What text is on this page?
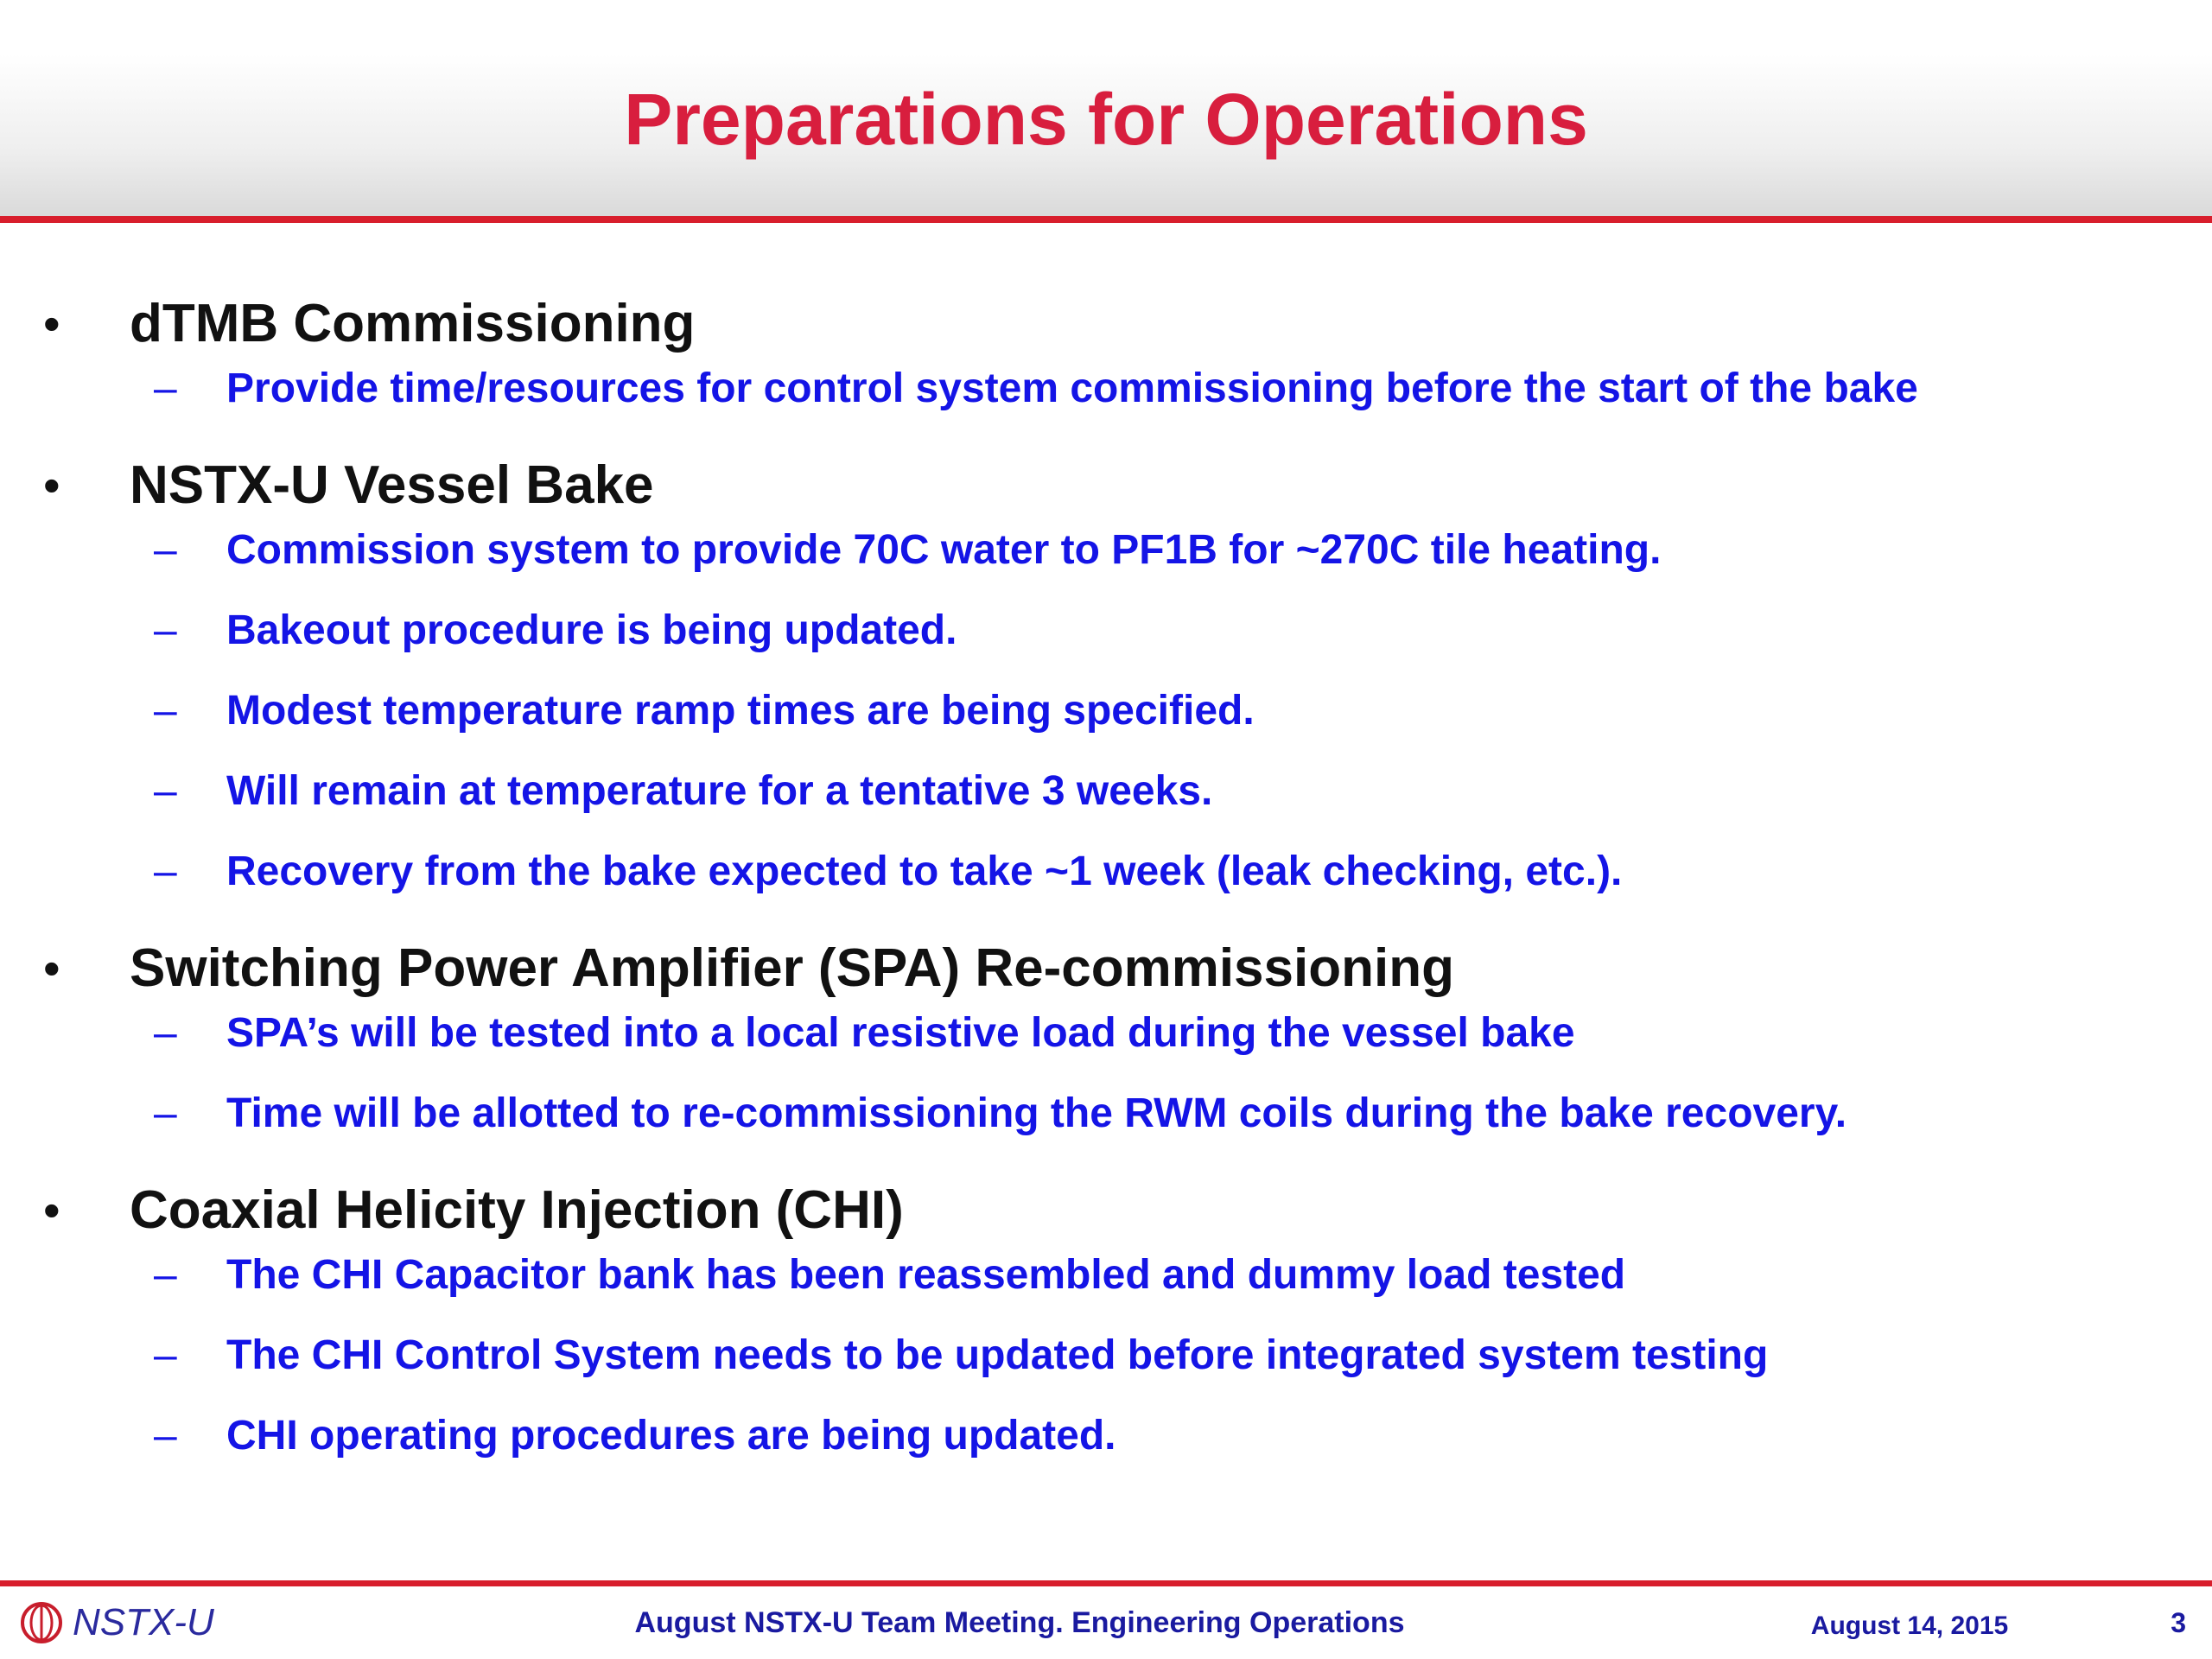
Preparations for Operations
• dTMB Commissioning
– Provide time/resources for control system commissioning before the start of the bake
• NSTX-U Vessel Bake
– Commission system to provide 70C water to PF1B for ~270C tile heating.
– Bakeout procedure is being updated.
– Modest temperature ramp times are being specified.
– Will remain at temperature for a tentative 3 weeks.
– Recovery from the bake expected to take ~1 week (leak checking, etc.).
• Switching Power Amplifier (SPA) Re-commissioning
– SPA’s will be tested into a local resistive load during the vessel bake
– Time will be allotted to re-commissioning the RWM coils during the bake recovery.
• Coaxial Helicity Injection (CHI)
– The CHI Capacitor bank has been reassembled and dummy load tested
– The CHI Control System needs to be updated before integrated system testing
– CHI operating procedures are being updated.
NSTX-U	August NSTX-U Team Meeting. Engineering Operations	August 14, 2015	3
